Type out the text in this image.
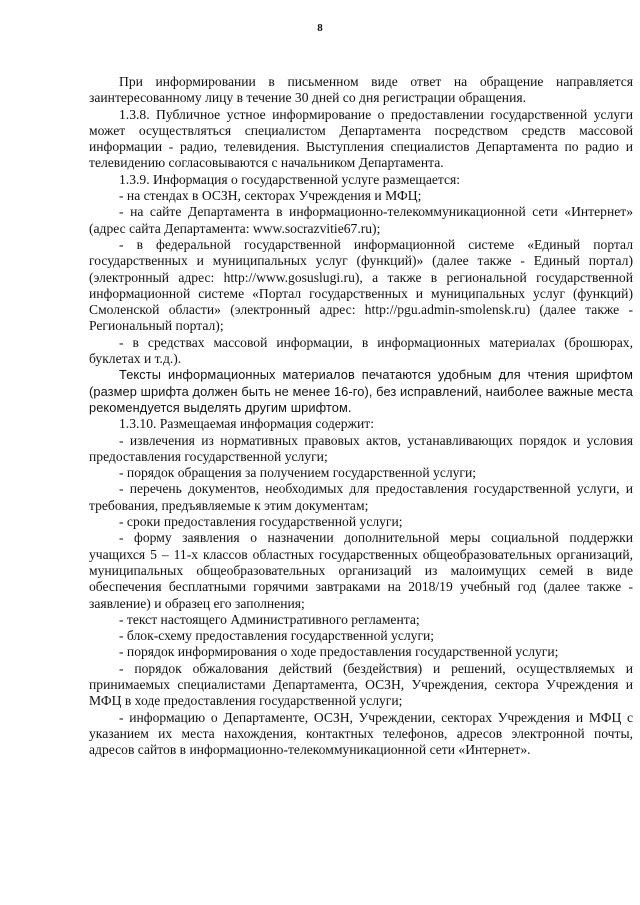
8

При информировании в письменном виде ответ на обращение направляется заинтересованному лицу в течение 30 дней со дня регистрации обращения.

1.3.8. Публичное устное информирование о предоставлении государственной услуги может осуществляться специалистом Департамента посредством средств массовой информации - радио, телевидения. Выступления специалистов Департамента по радио и телевидению согласовываются с начальником Департамента.

1.3.9. Информация о государственной услуге размещается:

- на стендах в ОСЗН, секторах Учреждения и МФЦ;

- на сайте Департамента в информационно-телекоммуникационной сети «Интернет» (адрес сайта Департамента: www.socrazvitie67.ru);

- в федеральной государственной информационной системе «Единый портал государственных и муниципальных услуг (функций)» (далее также - Единый портал) (электронный адрес: http://www.gosuslugi.ru), а также в региональной государственной информационной системе «Портал государственных и муниципальных услуг (функций) Смоленской области» (электронный адрес: http://pgu.admin-smolensk.ru) (далее также - Региональный портал);

- в средствах массовой информации, в информационных материалах (брошюрах, буклетах и т.д.).

Тексты информационных материалов печатаются удобным для чтения шрифтом (размер шрифта должен быть не менее 16-го), без исправлений, наиболее важные места рекомендуется выделять другим шрифтом.

1.3.10. Размещаемая информация содержит:

- извлечения из нормативных правовых актов, устанавливающих порядок и условия предоставления государственной услуги;

- порядок обращения за получением государственной услуги;

- перечень документов, необходимых для предоставления государственной услуги, и требования, предъявляемые к этим документам;

- сроки предоставления государственной услуги;

- форму заявления о назначении дополнительной меры социальной поддержки учащихся 5 – 11-х классов областных государственных общеобразовательных организаций, муниципальных общеобразовательных организаций из малоимущих семей в виде обеспечения бесплатными горячими завтраками на 2018/19 учебный год (далее также - заявление) и образец его заполнения;

- текст настоящего Административного регламента;

- блок-схему предоставления государственной услуги;

- порядок информирования о ходе предоставления государственной услуги;

- порядок обжалования действий (бездействия) и решений, осуществляемых и принимаемых специалистами Департамента, ОСЗН, Учреждения, сектора Учреждения и МФЦ в ходе предоставления государственной услуги;

- информацию о Департаменте, ОСЗН, Учреждении, секторах Учреждения и МФЦ с указанием их места нахождения, контактных телефонов, адресов электронной почты, адресов сайтов в информационно-телекоммуникационной сети «Интернет».
